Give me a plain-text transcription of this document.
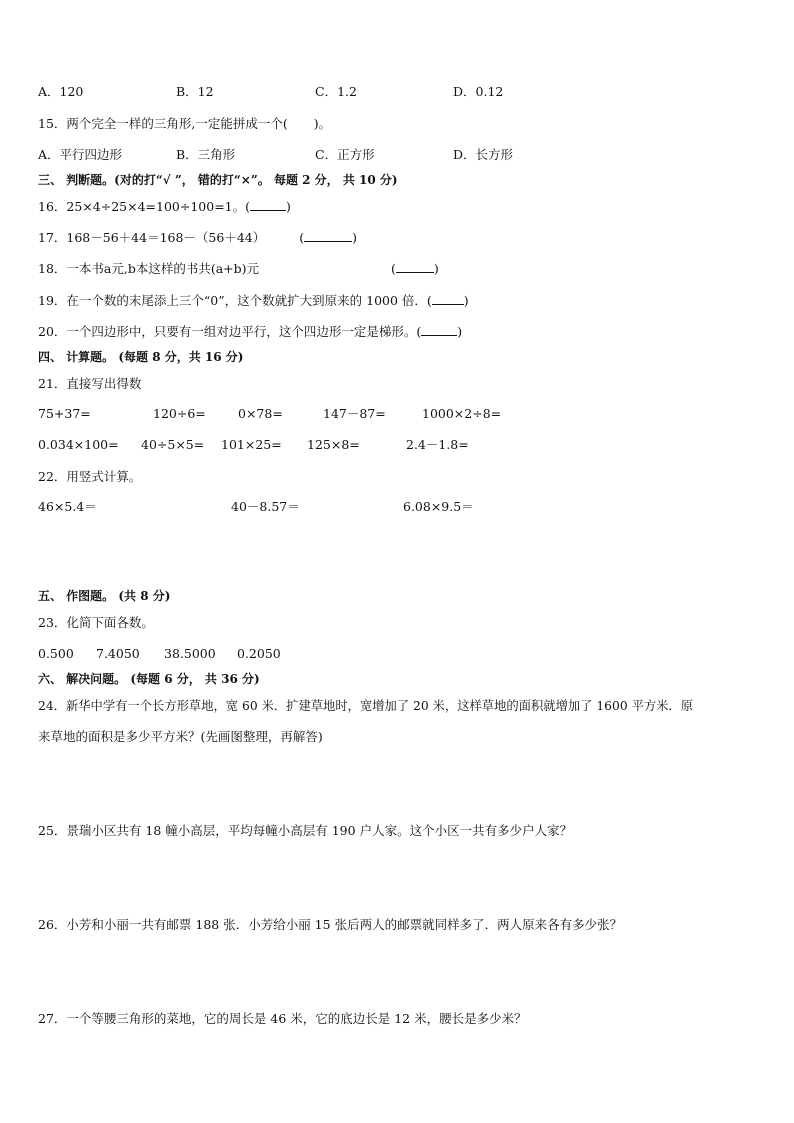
A．120	B．12	C．1.2	D．0.12
15．两个完全一样的三角形,一定能拼成一个( )。
A．平行四边形	B．三角形	C．正方形	D．长方形
三、 判断题。(对的打“√ ”， 错的打“×”。 每题 2 分， 共 10 分)
16．25×4÷25×4=100÷100=1。(	)
17．168－56＋44＝168－（56＋44）	(	)
18．一本书a元,b本这样的书共(a+b)元	(	)
19．在一个数的末尾添上三个“0”，这个数就扩大到原来的 1000 倍．(	)
20．一个四边形中，只要有一组对边平行，这个四边形一定是梯形。(	)
四、 计算题。 (每题 8 分，共 16 分)
21．直接写出得数
75+37=	120÷6=	0×78=	147－87=	1000×2÷8=
0.034×100= 40÷5×5= 101×25= 125×8=	2.4－1.8=
22．用竖式计算。
46×5.4＝	40－8.57＝	6.08×9.5＝
五、 作图题。 (共 8 分)
23．化简下面各数。
0.500 7.4050 38.5000 0.2050
六、 解决问题。 (每题 6 分， 共 36 分)
24．新华中学有一个长方形草地，宽 60 米．扩建草地时，宽增加了 20 米，这样草地的面积就增加了 1600 平方米．原
来草地的面积是多少平方米？(先画图整理，再解答)
25．景瑞小区共有 18 幢小高层，平均每幢小高层有 190 户人家。这个小区一共有多少户人家？
26．小芳和小丽一共有邮票 188 张．小芳给小丽 15 张后两人的邮票就同样多了．两人原来各有多少张？
27．一个等腰三角形的菜地，它的周长是 46 米，它的底边长是 12 米，腰长是多少米？
